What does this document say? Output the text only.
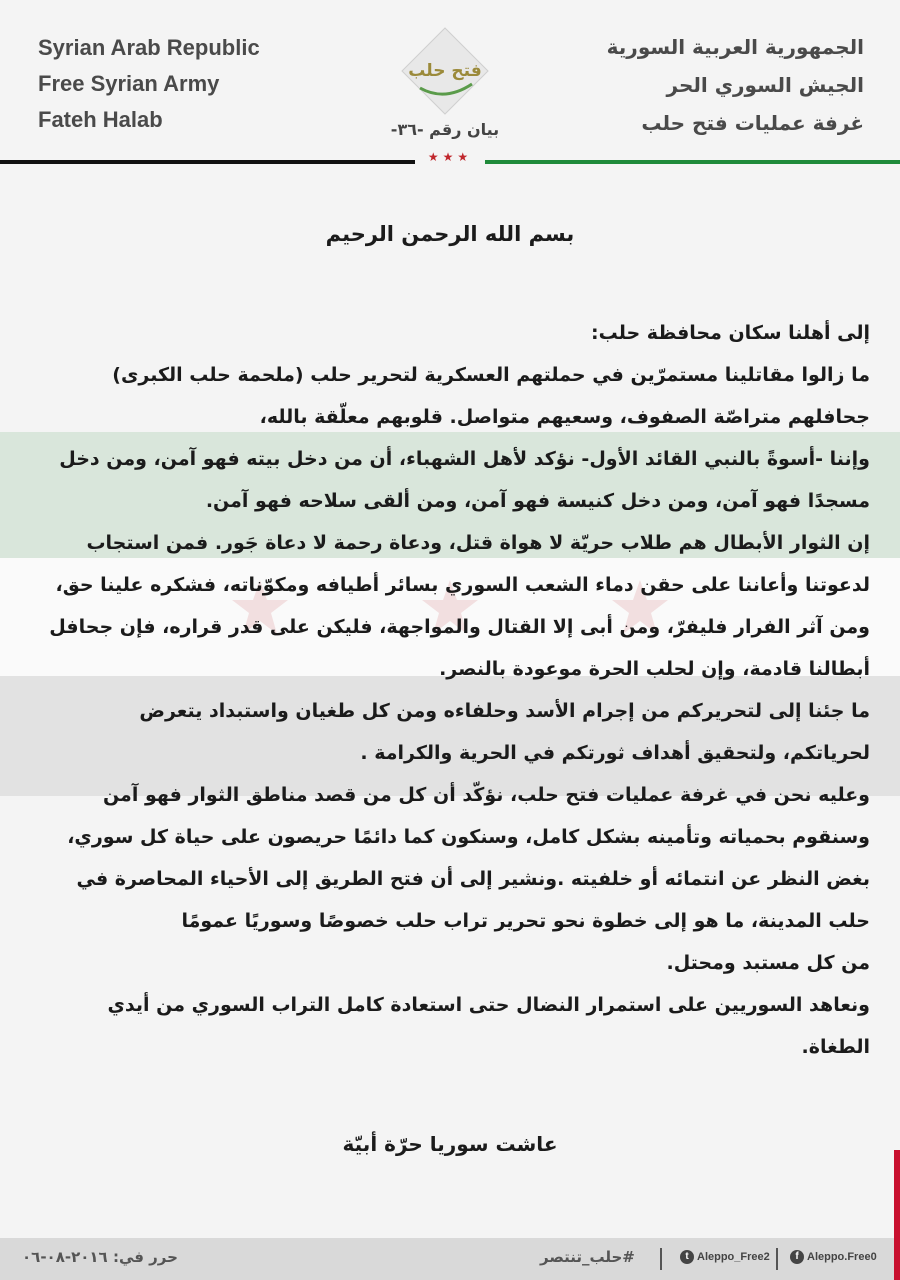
Syrian Arab Republic
Free Syrian Army
Fateh Halab
فتح حلب
بيان رقم -٣٦-
الجمهورية العربية السورية
الجيش السوري الحر
غرفة عمليات فتح حلب
★★★
بسم الله الرحمن الرحيم

إلى أهلنا سكان محافظة حلب:

ما زالوا مقاتلينا مستمرّين في حملتهم العسكرية لتحرير حلب (ملحمة حلب الكبرى)

جحافلهم متراصّة الصفوف، وسعيهم متواصل. قلوبهم معلّقة بالله،

وإننا -أسوةً بالنبي القائد الأول- نؤكد لأهل الشهباء، أن من دخل بيته فهو آمن، ومن دخل

مسجدًا فهو آمن، ومن دخل كنيسة فهو آمن، ومن ألقى سلاحه فهو آمن.

إن الثوار الأبطال هم طلاب حريّة لا هواة قتل، ودعاة رحمة لا دعاة جَور. فمن استجاب

لدعوتنا وأعاننا على حقن دماء الشعب السوري بسائر أطيافه ومكوّناته، فشكره علينا حق،

ومن آثر الفرار فليفرّ، ومن أبى إلا القتال والمواجهة، فليكن على قدر قراره، فإن جحافل

أبطالنا قادمة، وإن لحلب الحرة موعودة بالنصر.

ما جئنا إلى لتحريركم من إجرام الأسد وحلفاءه ومن كل طغيان واستبداد يتعرض

لحرياتكم، ولتحقيق أهداف ثورتكم في الحرية والكرامة .

وعليه نحن في غرفة عمليات فتح حلب، نؤكّد أن كل من قصد مناطق الثوار فهو آمن

وسنقوم بحمياته وتأمينه بشكل كامل، وسنكون كما دائمًا حريصون على حياة كل سوري،

بغض النظر عن انتمائه أو خلفيته .ونشير إلى أن فتح الطريق إلى الأحياء المحاصرة في

حلب المدينة، ما هو إلى خطوة نحو تحرير تراب حلب خصوصًا وسوريًا عمومًا

من كل مستبد ومحتل.

ونعاهد السوريين على استمرار النضال حتى استعادة كامل التراب السوري من أيدي

الطغاة.

عاشت سوريا حرّة أبيّة
حرر في: ٢٠١٦-٠٨-٠٦	#حلب_تنتصر	t Aleppo_Free2	f Aleppo.Free0
